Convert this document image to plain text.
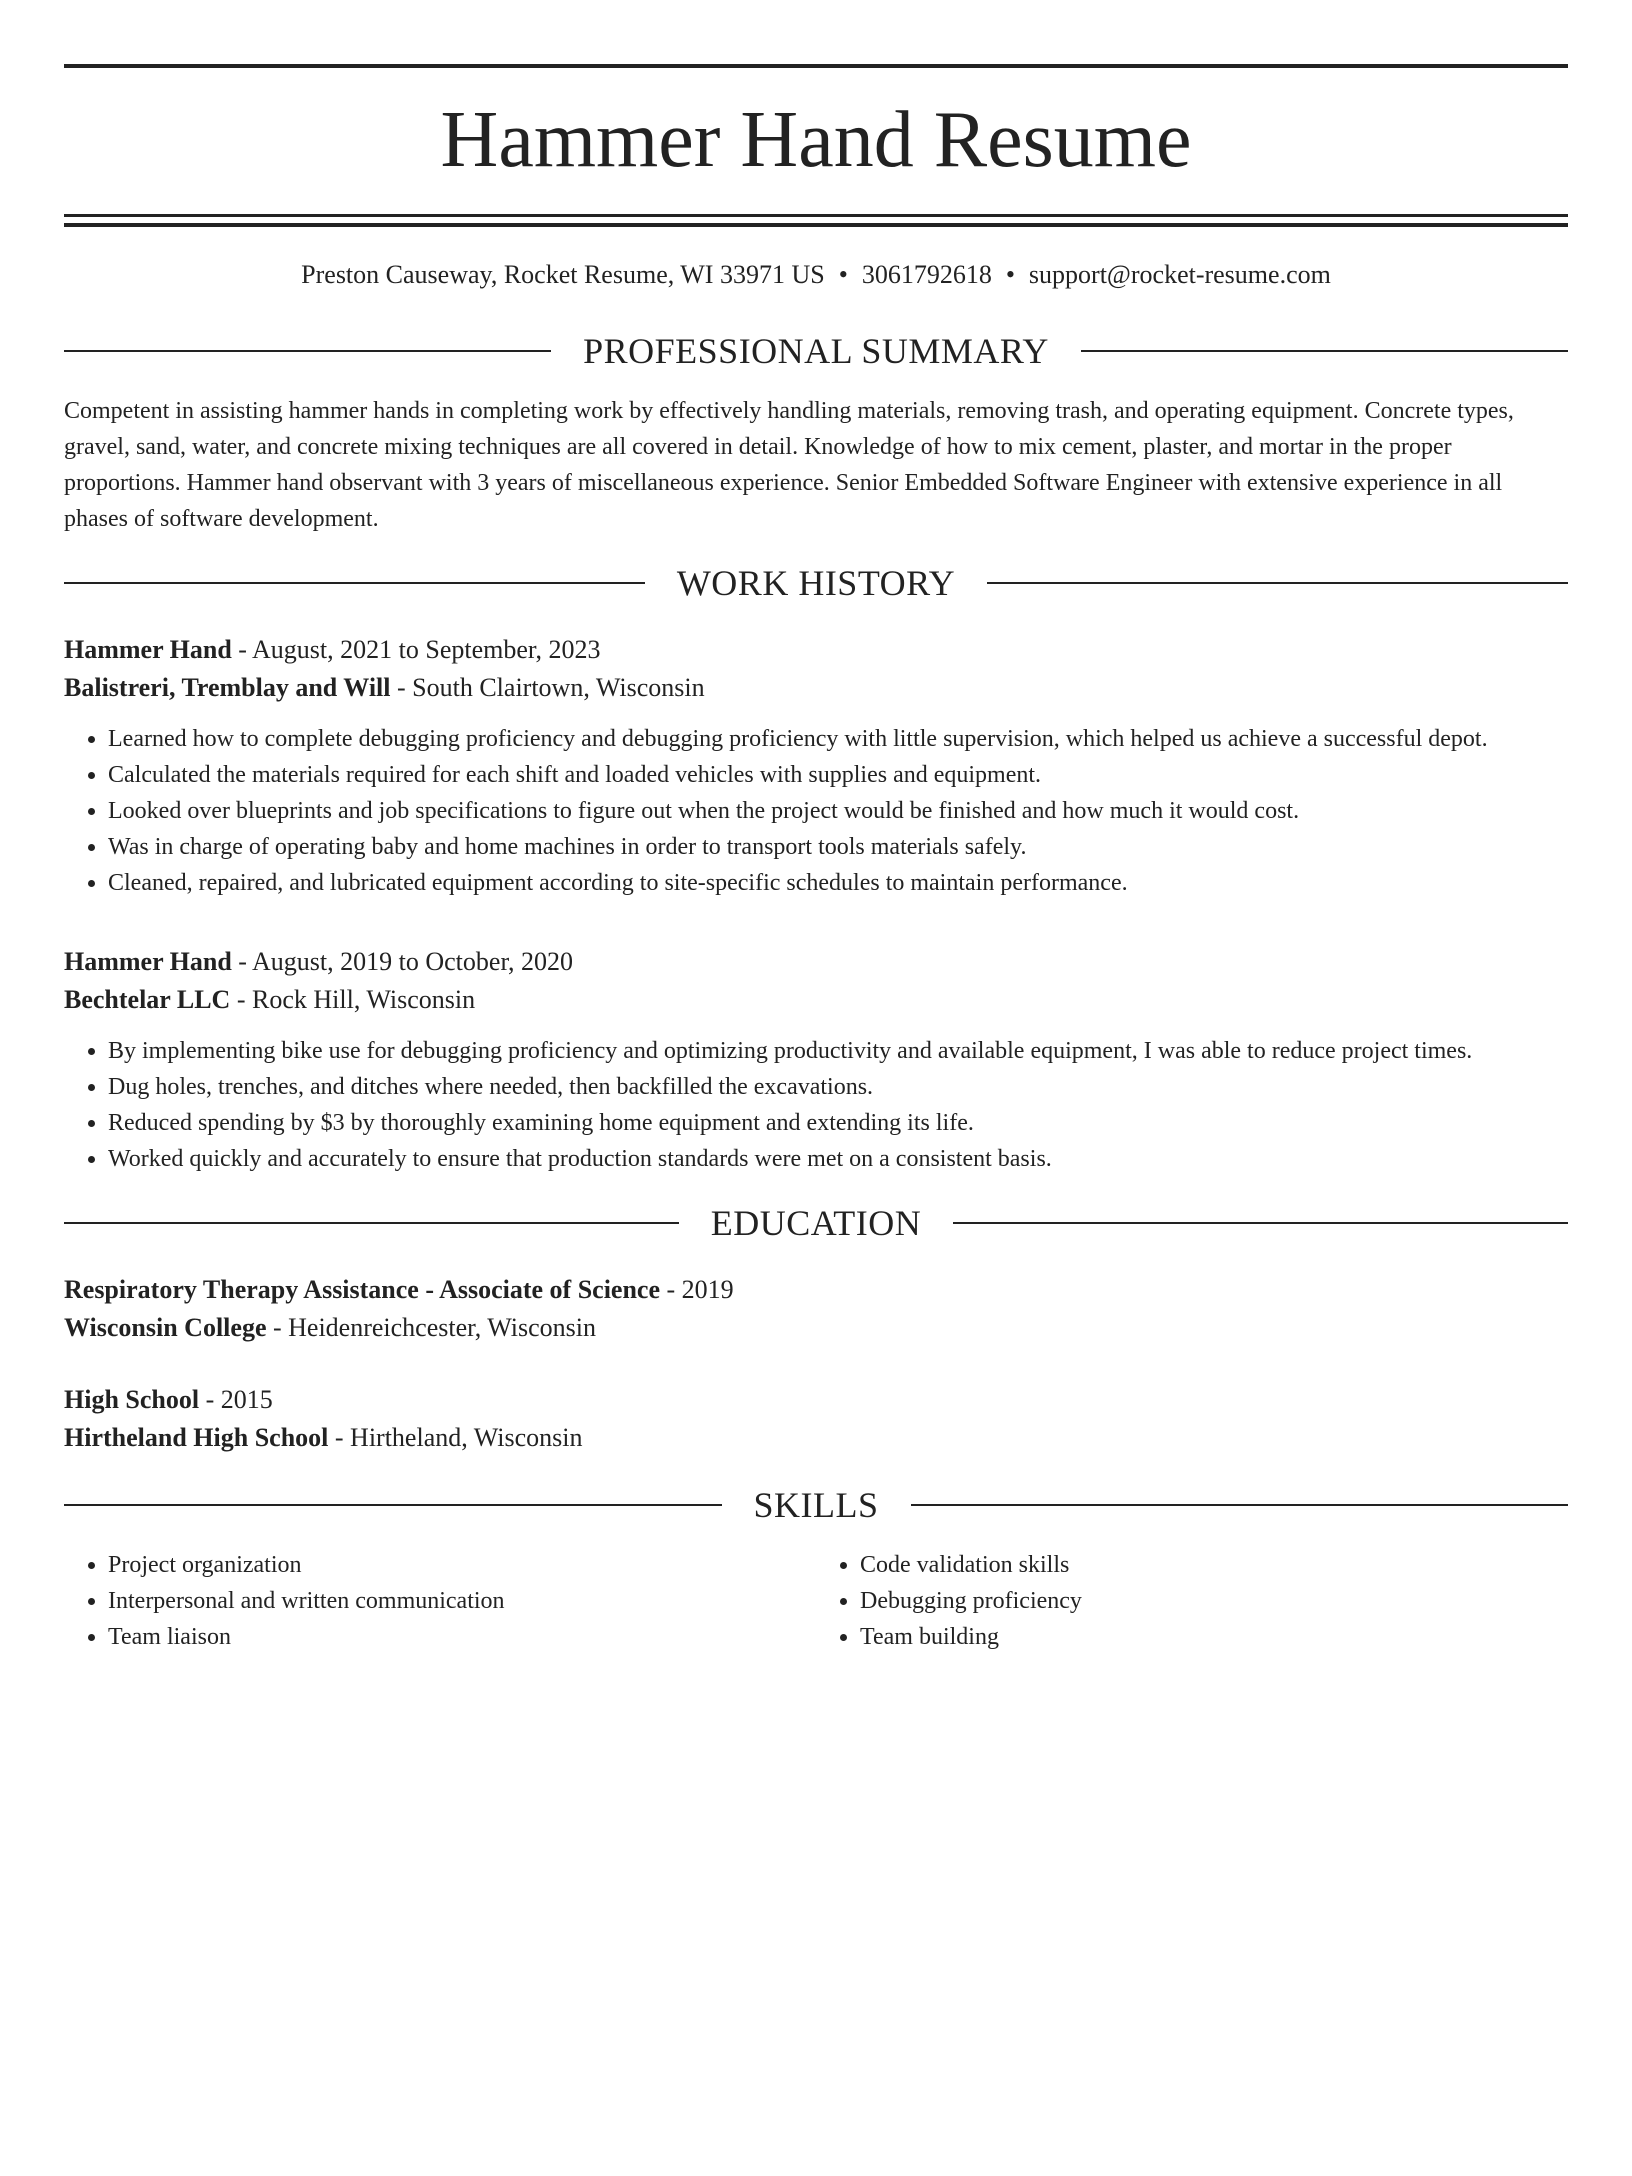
Hammer Hand Resume
Preston Causeway, Rocket Resume, WI 33971 US • 3061792618 • support@rocket-resume.com
PROFESSIONAL SUMMARY

Competent in assisting hammer hands in completing work by effectively handling materials, removing trash, and operating equipment. Concrete types, gravel, sand, water, and concrete mixing techniques are all covered in detail. Knowledge of how to mix cement, plaster, and mortar in the proper proportions. Hammer hand observant with 3 years of miscellaneous experience. Senior Embedded Software Engineer with extensive experience in all phases of software development.

WORK HISTORY
Hammer Hand - August, 2021 to September, 2023
Balistreri, Tremblay and Will - South Clairtown, Wisconsin
• Learned how to complete debugging proficiency and debugging proficiency with little supervision, which helped us achieve a successful depot.
• Calculated the materials required for each shift and loaded vehicles with supplies and equipment.
• Looked over blueprints and job specifications to figure out when the project would be finished and how much it would cost.
• Was in charge of operating baby and home machines in order to transport tools materials safely.
• Cleaned, repaired, and lubricated equipment according to site-specific schedules to maintain performance.
Hammer Hand - August, 2019 to October, 2020
Bechtelar LLC - Rock Hill, Wisconsin
• By implementing bike use for debugging proficiency and optimizing productivity and available equipment, I was able to reduce project times.
• Dug holes, trenches, and ditches where needed, then backfilled the excavations.
• Reduced spending by $3 by thoroughly examining home equipment and extending its life.
• Worked quickly and accurately to ensure that production standards were met on a consistent basis.
EDUCATION
Respiratory Therapy Assistance - Associate of Science - 2019
Wisconsin College - Heidenreichcester, Wisconsin
High School - 2015
Hirtheland High School - Hirtheland, Wisconsin
SKILLS
• Project organization
• Interpersonal and written communication
• Team liaison
• Code validation skills
• Debugging proficiency
• Team building
